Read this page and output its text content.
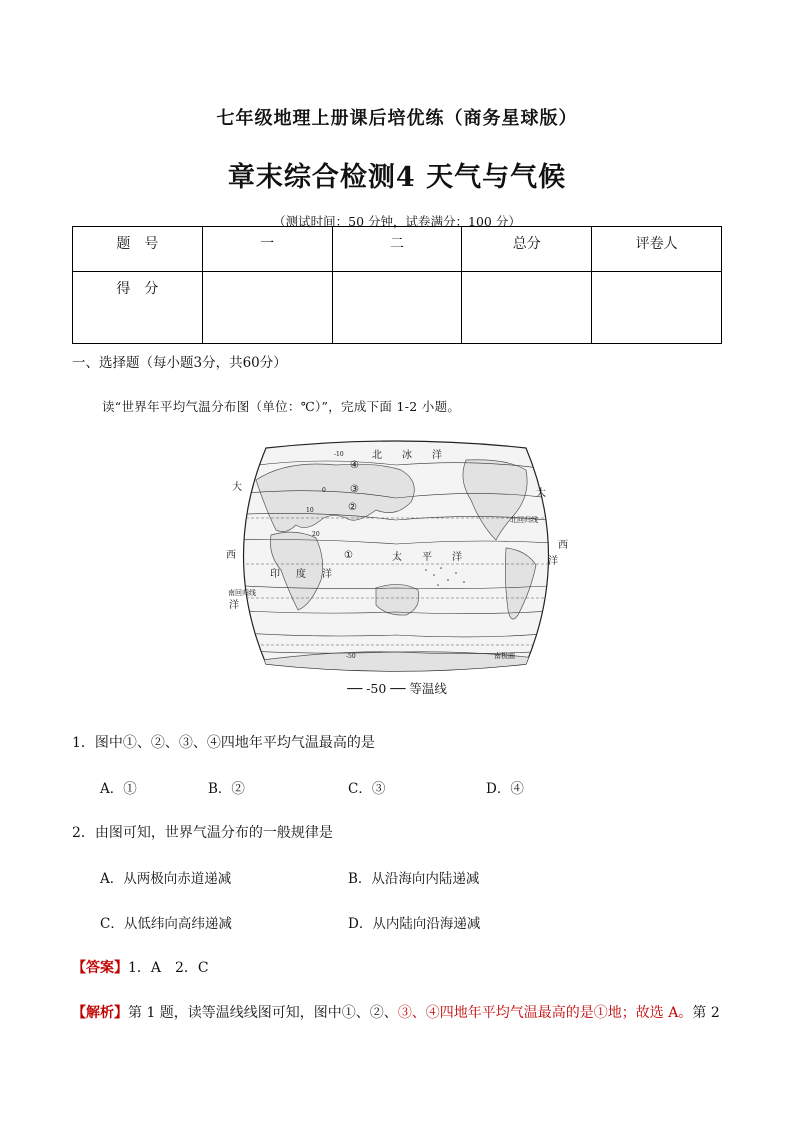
七年级地理上册课后培优练（商务星球版）
章末综合检测4 天气与气候
（测试时间：50 分钟，试卷满分：100 分）
题　号	一	二	总分	评卷人
得　分				
一、选择题（每小题3分，共60分）
读“世界年平均气温分布图（单位：℃）”，完成下面 1-2 小题。
北 冰 洋
太 平 洋
印 度 洋
西
西
大
大
洋
洋
北回归线
南回归线
南极圈
①
②
③
④
-10
0
10
20
-50
── -50 ── 等温线
1．图中①、②、③、④四地年平均气温最高的是
A．①	B．②	C．③	D．④
2．由图可知，世界气温分布的一般规律是
A．从两极向赤道递减	B．从沿海向内陆递减
C．从低纬向高纬递减	D．从内陆向沿海递减
【答案】1．A　2．C
【解析】第 1 题，读等温线线图可知，图中①、②、③、④四地年平均气温最高的是①地；故选 A。第 2
